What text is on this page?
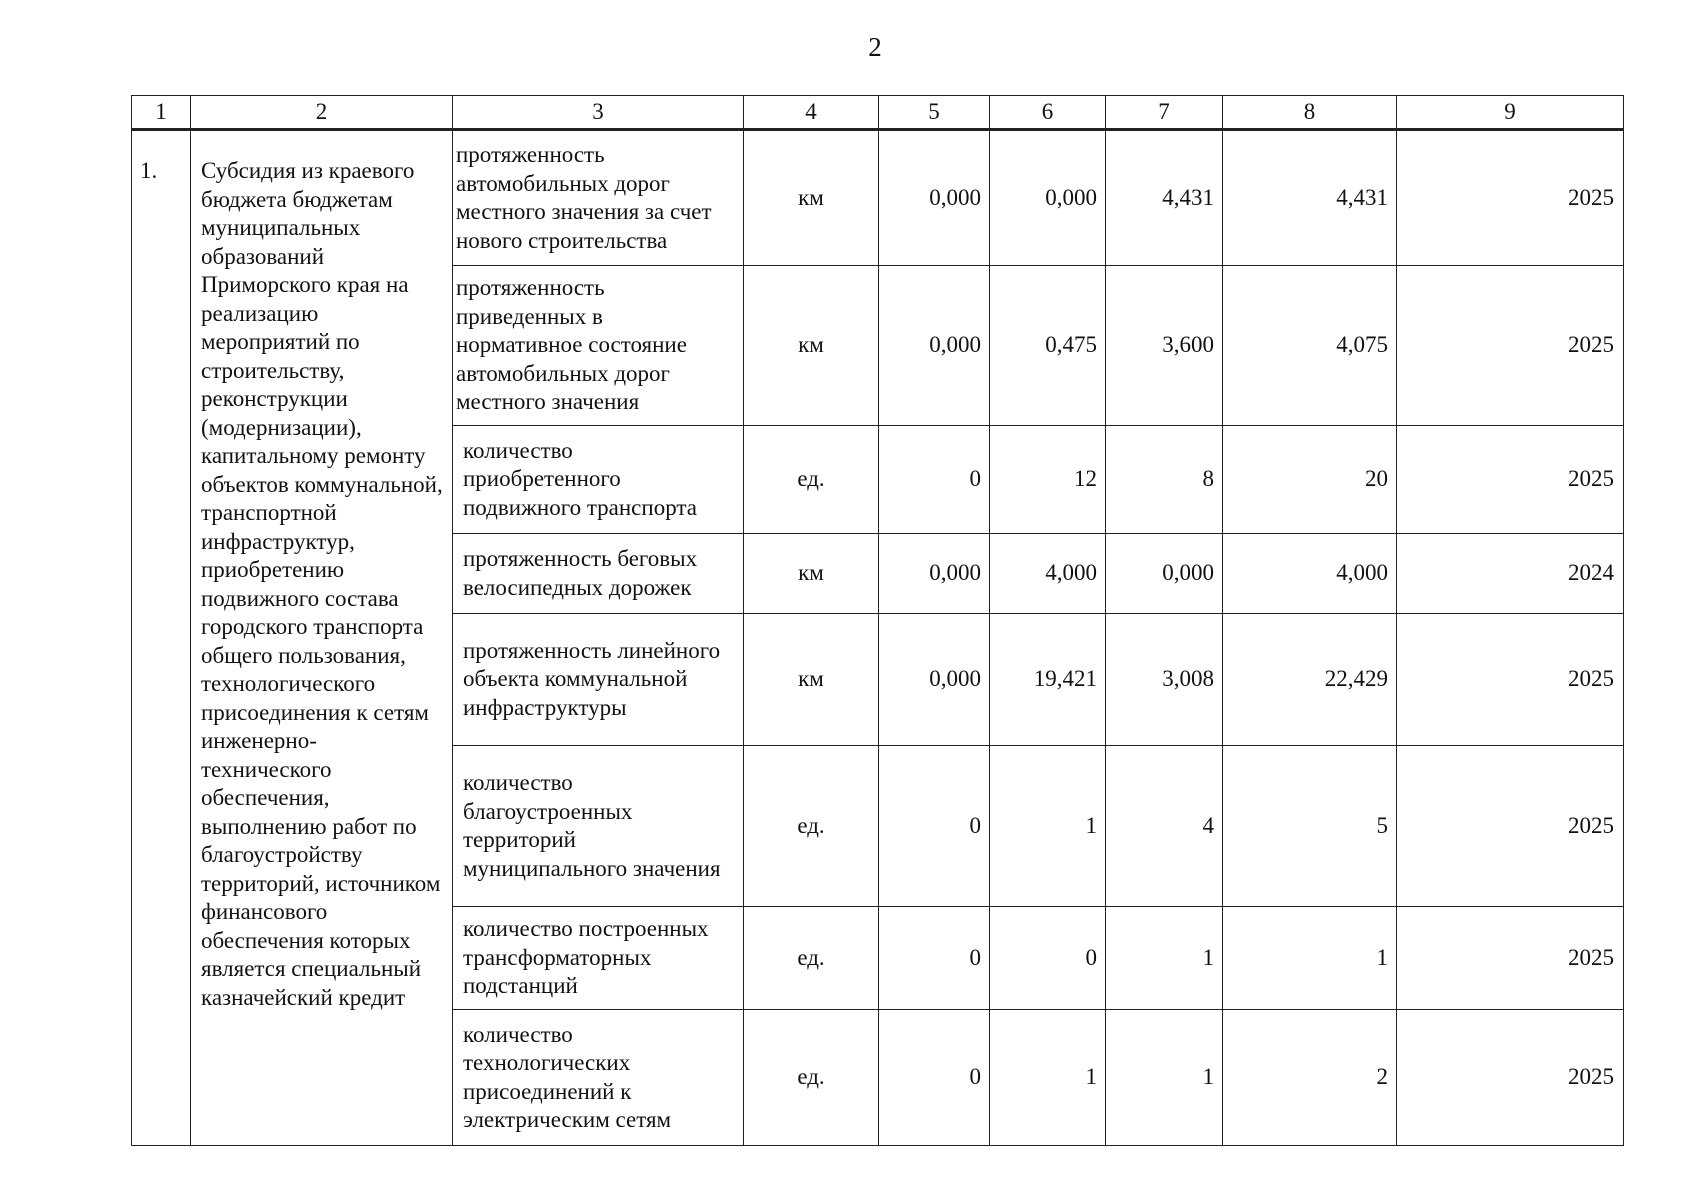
2
1	2	3	4	5	6	7	8	9
1.	Субсидия из краевого бюджета бюджетам муниципальных образований Приморского края на реализацию мероприятий по строительству, реконструкции (модернизации), капитальному ремонту объектов коммунальной, транспортной инфраструктур, приобретению подвижного состава городского транспорта общего пользования, технологического присоединения к сетям инженерно-технического обеспечения, выполнению работ по благоустройству территорий, источником финансового обеспечения которых является специальный казначейский кредит	протяженность автомобильных дорог местного значения за счет нового строительства	км	0,000	0,000	4,431	4,431	2025
		протяженность приведенных в нормативное состояние автомобильных дорог местного значения	км	0,000	0,475	3,600	4,075	2025
		количество приобретенного подвижного транспорта	ед.	0	12	8	20	2025
		протяженность беговых велосипедных дорожек	км	0,000	4,000	0,000	4,000	2024
		протяженность линейного объекта коммунальной инфраструктуры	км	0,000	19,421	3,008	22,429	2025
		количество благоустроенных территорий муниципального значения	ед.	0	1	4	5	2025
		количество построенных трансформаторных подстанций	ед.	0	0	1	1	2025
		количество технологических присоединений к электрическим сетям	ед.	0	1	1	2	2025
